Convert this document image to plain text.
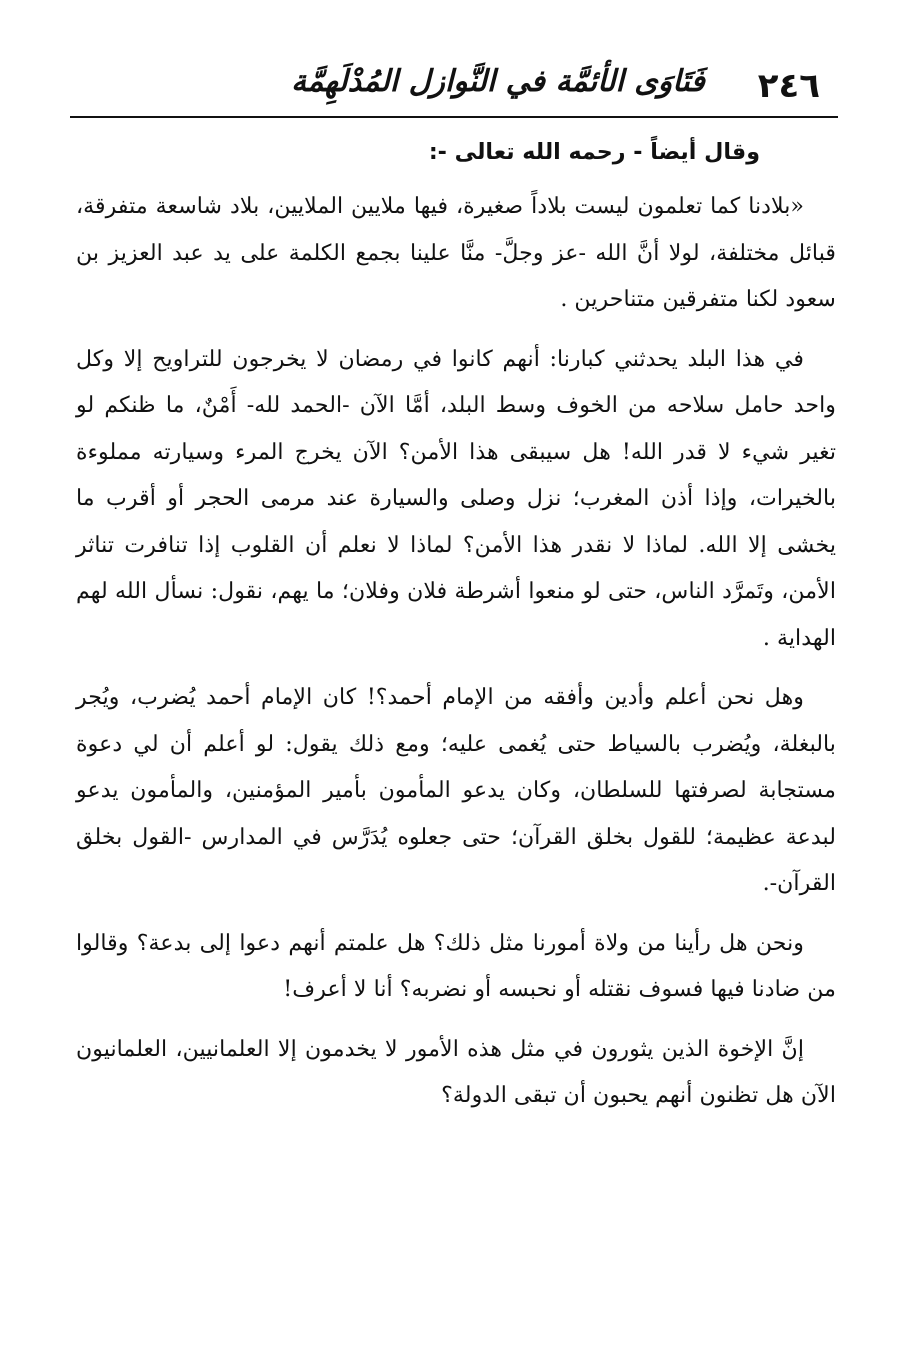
٢٤٦
فَتَاوَى الأئمَّة في النَّوازل المُدْلَهِمَّة
وقال أيضاً - رحمه الله تعالى -:

«بلادنا كما تعلمون ليست بلاداً صغيرة، فيها ملايين الملايين، بلاد شاسعة متفرقة، قبائل مختلفة، لولا أنَّ الله -عز وجلَّ- منَّا علينا بجمع الكلمة على يد عبد العزيز بن سعود لكنا متفرقين متناحرين .

في هذا البلد يحدثني كبارنا: أنهم كانوا في رمضان لا يخرجون للتراويح إلا وكل واحد حامل سلاحه من الخوف وسط البلد، أمَّا الآن -الحمد لله- أَمْنٌ، ما ظنكم لو تغير شيء لا قدر الله! هل سيبقى هذا الأمن؟ الآن يخرج المرء وسيارته مملوءة بالخيرات، وإذا أذن المغرب؛ نزل وصلى والسيارة عند مرمى الحجر أو أقرب ما يخشى إلا الله. لماذا لا نقدر هذا الأمن؟ لماذا لا نعلم أن القلوب إذا تنافرت تناثر الأمن، وتَمرَّد الناس، حتى لو منعوا أشرطة فلان وفلان؛ ما يهم، نقول: نسأل الله لهم الهداية .

وهل نحن أعلم وأدين وأفقه من الإمام أحمد؟! كان الإمام أحمد يُضرب، ويُجر بالبغلة، ويُضرب بالسياط حتى يُغمى عليه؛ ومع ذلك يقول: لو أعلم أن لي دعوة مستجابة لصرفتها للسلطان، وكان يدعو المأمون بأمير المؤمنين، والمأمون يدعو لبدعة عظيمة؛ للقول بخلق القرآن؛ حتى جعلوه يُدَرَّس في المدارس -القول بخلق القرآن-.

ونحن هل رأينا من ولاة أمورنا مثل ذلك؟ هل علمتم أنهم دعوا إلى بدعة؟ وقالوا من ضادنا فيها فسوف نقتله أو نحبسه أو نضربه؟ أنا لا أعرف!

إنَّ الإخوة الذين يثورون في مثل هذه الأمور لا يخدمون إلا العلمانيين، العلمانيون الآن هل تظنون أنهم يحبون أن تبقى الدولة؟
